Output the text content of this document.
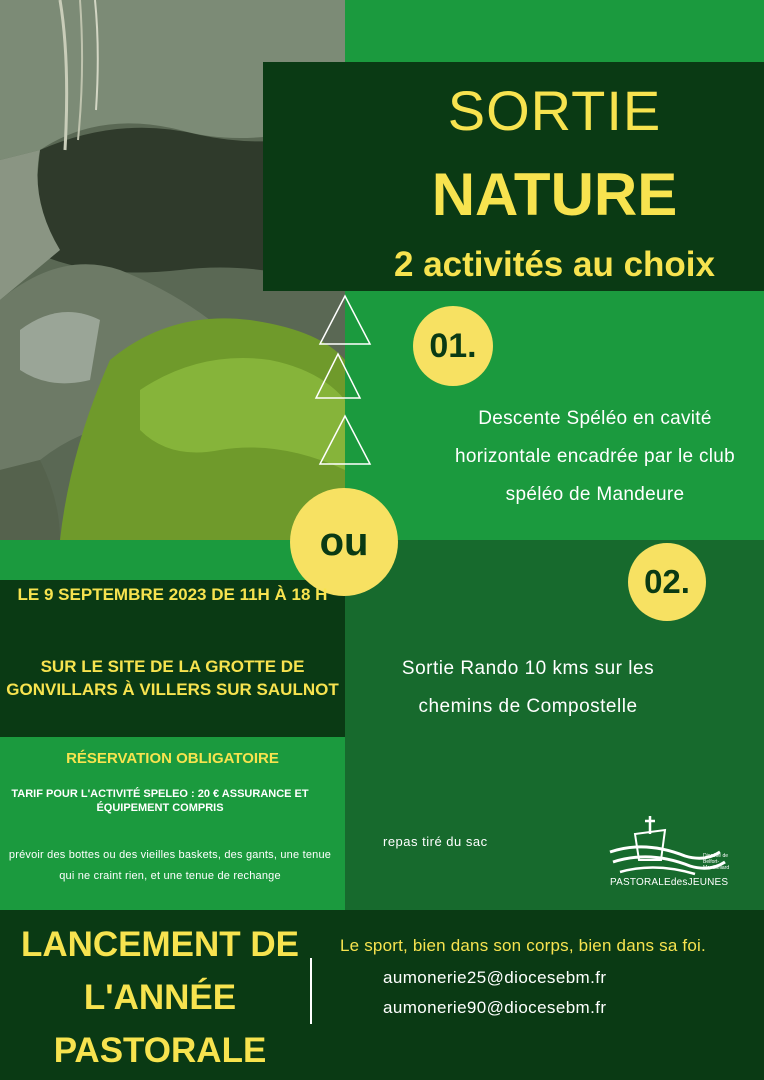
SORTIE
NATURE
2 activités au choix
01.
Descente Spéléo en cavité horizontale encadrée par le club spéléo de Mandeure
ou
02.
Sortie Rando 10 kms sur les chemins de Compostelle
repas tiré du sac
LE 9 SEPTEMBRE 2023 DE 11H À 18 H
SUR LE SITE DE LA GROTTE DE GONVILLARS À VILLERS SUR SAULNOT
RÉSERVATION OBLIGATOIRE
TARIF POUR L'ACTIVITÉ SPELEO : 20 € ASSURANCE ET ÉQUIPEMENT COMPRIS
prévoir des bottes ou des vieilles baskets, des gants, une tenue qui ne craint rien, et une tenue de rechange
LANCEMENT DE L'ANNÉE PASTORALE
Le sport, bien dans son corps, bien dans sa foi.
aumonerie25@diocesebm.fr
aumonerie90@diocesebm.fr
Diocèse de Belfort-Montbéliard
PASTORALEdesJEUNES
